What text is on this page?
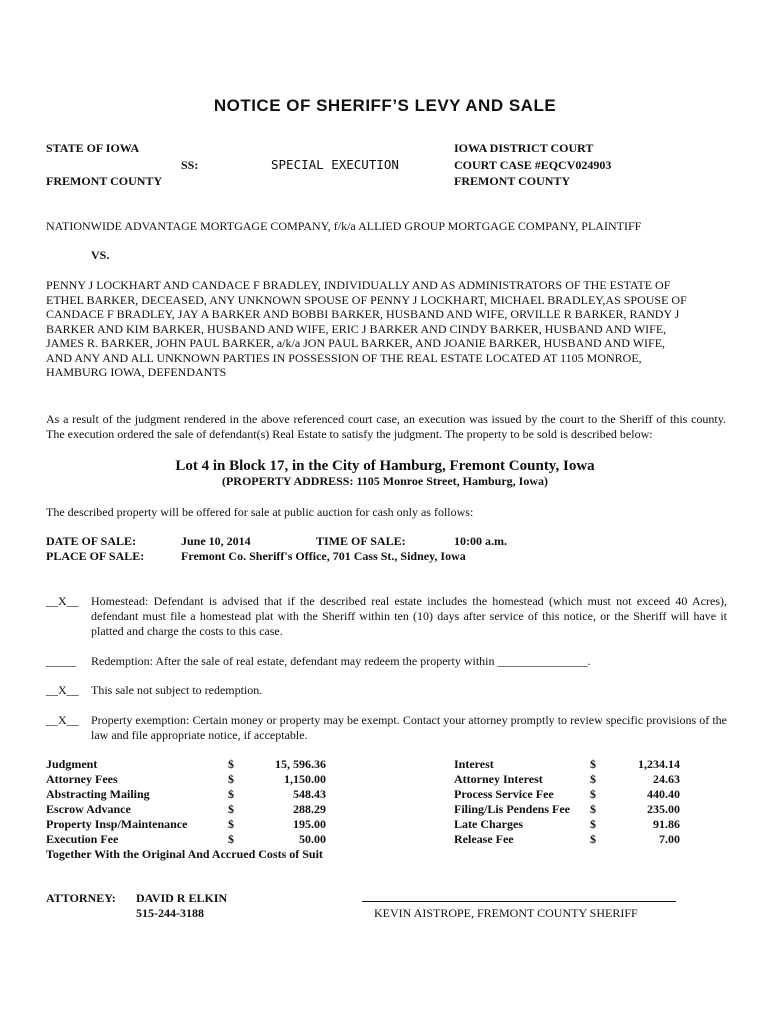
NOTICE OF SHERIFF’S LEVY AND SALE
STATE OF IOWA
FREMONT COUNTY
SS:	SPECIAL EXECUTION
IOWA DISTRICT COURT
COURT CASE #EQCV024903
FREMONT COUNTY
NATIONWIDE ADVANTAGE MORTGAGE COMPANY, f/k/a ALLIED GROUP MORTGAGE COMPANY, PLAINTIFF
VS.
PENNY J LOCKHART AND CANDACE F BRADLEY, INDIVIDUALLY AND AS ADMINISTRATORS OF THE ESTATE OF
ETHEL BARKER, DECEASED, ANY UNKNOWN SPOUSE OF PENNY J LOCKHART, MICHAEL BRADLEY,AS SPOUSE OF
CANDACE F BRADLEY, JAY A BARKER AND BOBBI BARKER, HUSBAND AND WIFE, ORVILLE R BARKER, RANDY J
BARKER AND KIM BARKER, HUSBAND AND WIFE, ERIC J BARKER AND CINDY BARKER, HUSBAND AND WIFE,
JAMES R. BARKER, JOHN PAUL BARKER, a/k/a JON PAUL BARKER, AND JOANIE BARKER, HUSBAND AND WIFE,
AND ANY AND ALL UNKNOWN PARTIES IN POSSESSION OF THE REAL ESTATE LOCATED AT 1105 MONROE,
HAMBURG IOWA, DEFENDANTS
As a result of the judgment rendered in the above referenced court case, an execution was issued by the court to the Sheriff of this county. The execution ordered the sale of defendant(s) Real Estate to satisfy the judgment. The property to be sold is described below:
Lot 4 in Block 17, in the City of Hamburg, Fremont County, Iowa
(PROPERTY ADDRESS: 1105 Monroe Street, Hamburg, Iowa)
The described property will be offered for sale at public auction for cash only as follows:
DATE OF SALE:	June 10, 2014	TIME OF SALE:	10:00 a.m.
PLACE OF SALE:	Fremont Co. Sheriff's Office, 701 Cass St., Sidney, Iowa
__X__ Homestead: Defendant is advised that if the described real estate includes the homestead (which must not exceed 40 Acres), defendant must file a homestead plat with the Sheriff within ten (10) days after service of this notice, or the Sheriff will have it platted and charge the costs to this case.
_____ Redemption: After the sale of real estate, defendant may redeem the property within _______________.
__X__ This sale not subject to redemption.
__X__ Property exemption: Certain money or property may be exempt. Contact your attorney promptly to review specific provisions of the law and file appropriate notice, if acceptable.
Judgment	$	15, 596.36
Attorney Fees	$	1,150.00
Abstracting Mailing	$	548.43
Escrow Advance	$	288.29
Property Insp/Maintenance	$	195.00
Execution Fee	$	50.00
Interest	$	1,234.14
Attorney Interest	$	24.63
Process Service Fee	$	440.40
Filing/Lis Pendens Fee $	235.00
Late Charges	$	91.86
Release Fee	$	7.00
Together With the Original And Accrued Costs of Suit
ATTORNEY: DAVID R ELKIN
515-244-3188	KEVIN AISTROPE, FREMONT COUNTY SHERIFF
